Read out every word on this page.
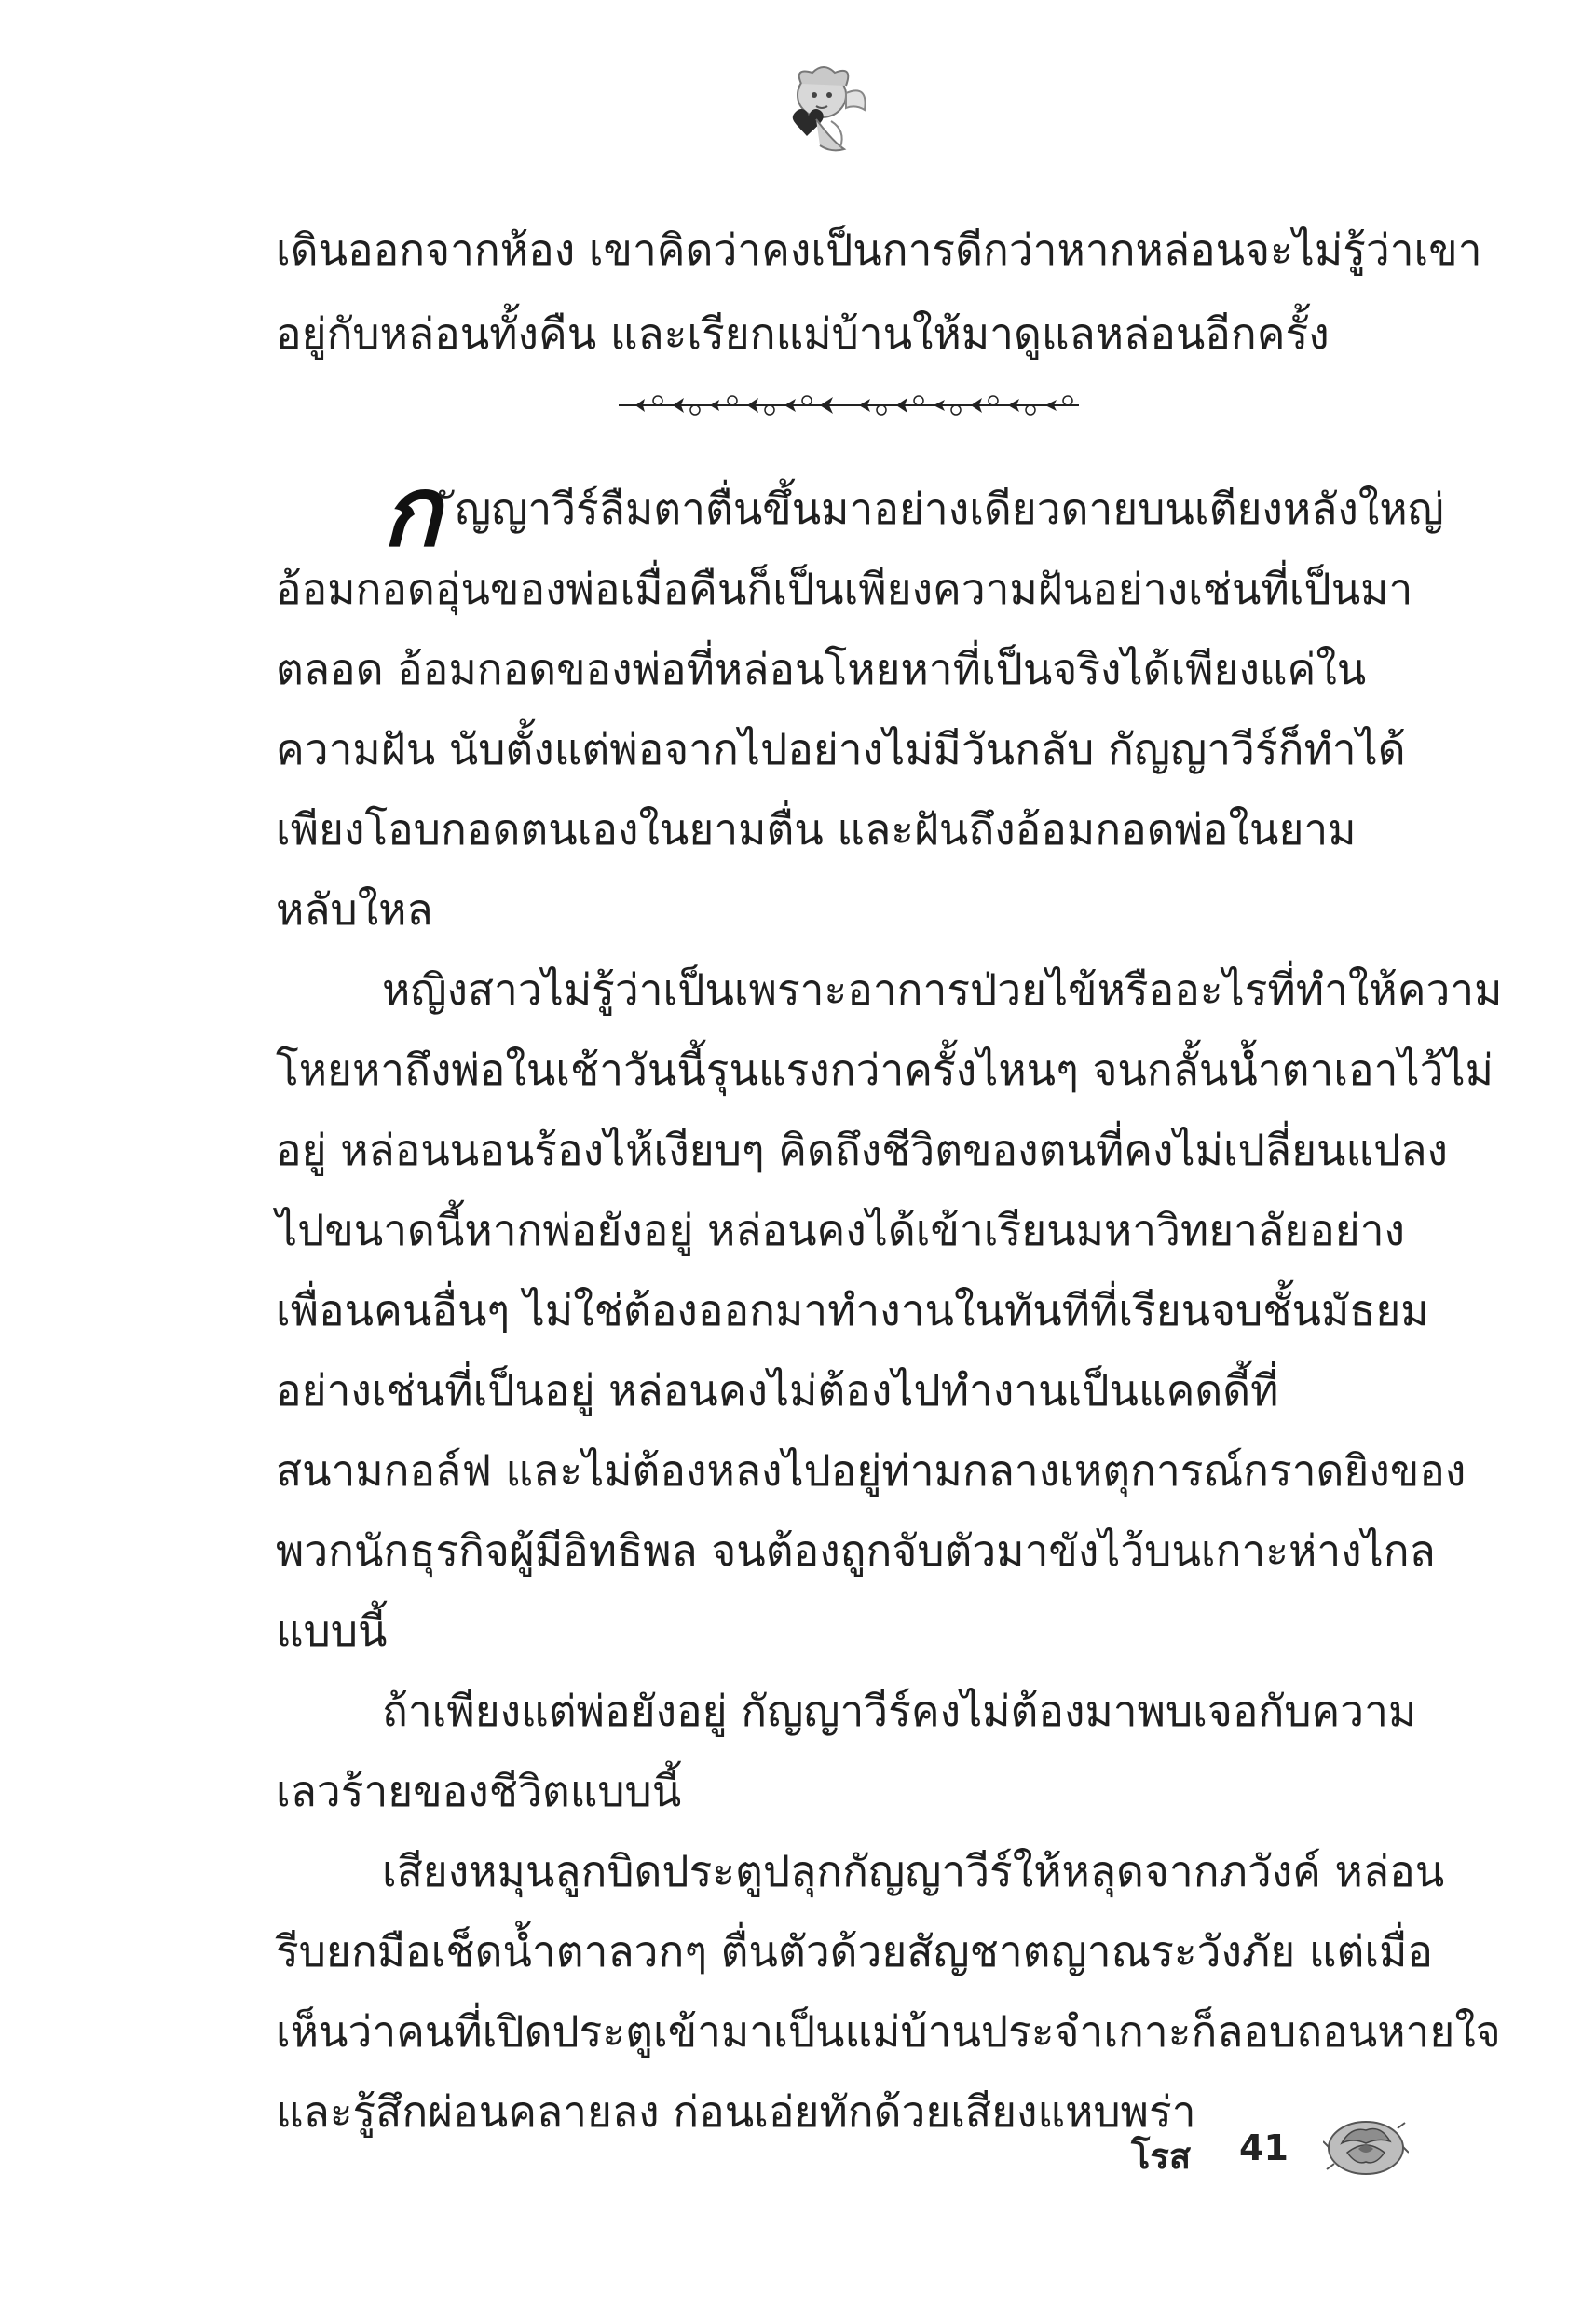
เดินออกจากห้อง เขาคิดว่าคงเป็นการดีกว่าหากหล่อนจะไม่รู้ว่าเขา
อยู่กับหล่อนทั้งคืน และเรียกแม่บ้านให้มาดูแลหล่อนอีกครั้ง
ก ัญญาวีร์ลืมตาตื่นขึ้นมาอย่างเดียวดายบนเตียงหลังใหญ่
อ้อมกอดอุ่นของพ่อเมื่อคืนก็เป็นเพียงความฝันอย่างเช่นที่เป็นมา
ตลอด อ้อมกอดของพ่อที่หล่อนโหยหาที่เป็นจริงได้เพียงแค่ใน
ความฝัน นับตั้งแต่พ่อจากไปอย่างไม่มีวันกลับ กัญญาวีร์ก็ทำได้
เพียงโอบกอดตนเองในยามตื่น และฝันถึงอ้อมกอดพ่อในยาม
หลับใหล
หญิงสาวไม่รู้ว่าเป็นเพราะอาการป่วยไข้หรืออะไรที่ทำให้ความ
โหยหาถึงพ่อในเช้าวันนี้รุนแรงกว่าครั้งไหนๆ จนกลั้นน้ำตาเอาไว้ไม่
อยู่ หล่อนนอนร้องไห้เงียบๆ คิดถึงชีวิตของตนที่คงไม่เปลี่ยนแปลง
ไปขนาดนี้หากพ่อยังอยู่ หล่อนคงได้เข้าเรียนมหาวิทยาลัยอย่าง
เพื่อนคนอื่นๆ ไม่ใช่ต้องออกมาทำงานในทันทีที่เรียนจบชั้นมัธยม
อย่างเช่นที่เป็นอยู่ หล่อนคงไม่ต้องไปทำงานเป็นแคดดี้ที่
สนามกอล์ฟ และไม่ต้องหลงไปอยู่ท่ามกลางเหตุการณ์กราดยิงของ
พวกนักธุรกิจผู้มีอิทธิพล จนต้องถูกจับตัวมาขังไว้บนเกาะห่างไกล
แบบนี้
ถ้าเพียงแต่พ่อยังอยู่ กัญญาวีร์คงไม่ต้องมาพบเจอกับความ
เลวร้ายของชีวิตแบบนี้
เสียงหมุนลูกบิดประตูปลุกกัญญาวีร์ให้หลุดจากภวังค์ หล่อน
รีบยกมือเช็ดน้ำตาลวกๆ ตื่นตัวด้วยสัญชาตญาณระวังภัย แต่เมื่อ
เห็นว่าคนที่เปิดประตูเข้ามาเป็นแม่บ้านประจำเกาะก็ลอบถอนหายใจ
และรู้สึกผ่อนคลายลง ก่อนเอ่ยทักด้วยเสียงแหบพร่า
โรส 41
